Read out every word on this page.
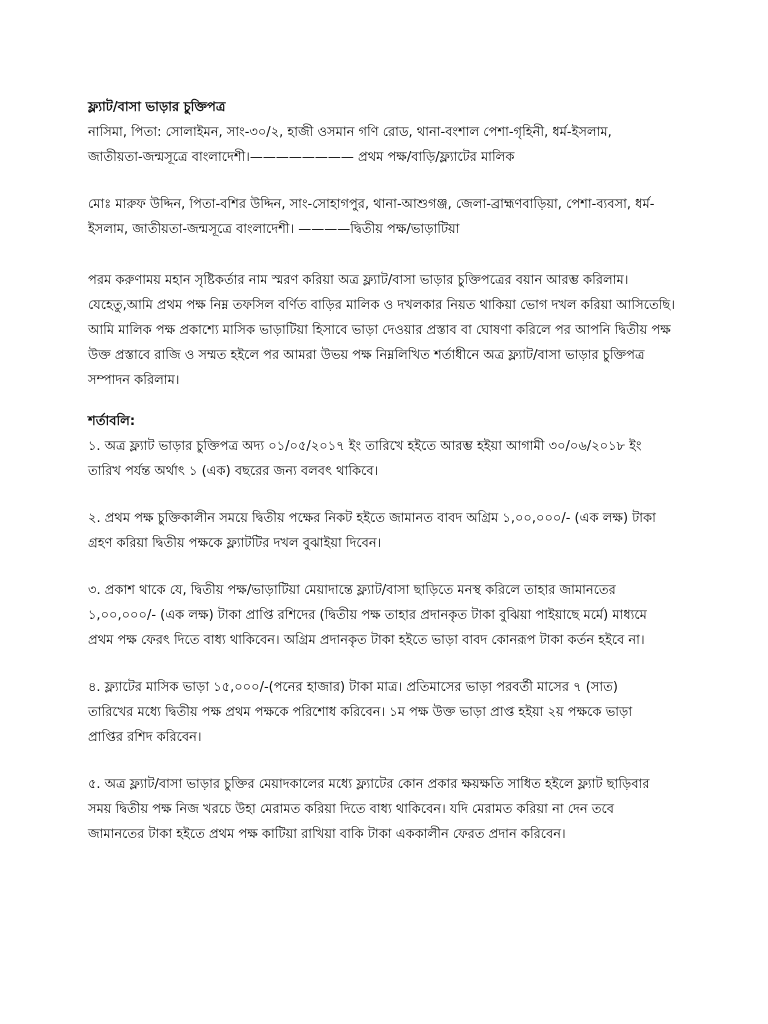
ফ্ল্যাট/বাসা ভাড়ার চুক্তিপত্র

নাসিমা, পিতা: সোলাইমন, সাং-৩০/২, হাজী ওসমান গণি রোড, থানা-বংশাল পেশা-গৃহিনী, ধর্ম-ইসলাম,

জাতীয়তা-জন্মসূত্রে বাংলাদেশী।———————— প্রথম পক্ষ/বাড়ি/ফ্ল্যাটের মালিক

মোঃ মারুফ উদ্দিন, পিতা-বশির উদ্দিন, সাং-সোহাগপুর, থানা-আশুগঞ্জ, জেলা-ব্রাহ্মণবাড়িয়া, পেশা-ব্যবসা, ধর্ম-

ইসলাম, জাতীয়তা-জন্মসূত্রে বাংলাদেশী। ————দ্বিতীয় পক্ষ/ভাড়াটিয়া

পরম করুণাময় মহান সৃষ্টিকর্তার নাম স্মরণ করিয়া অত্র ফ্ল্যাট/বাসা ভাড়ার চুক্তিপত্রের বয়ান আরম্ভ করিলাম।

যেহেতু,আমি প্রথম পক্ষ নিম্ন তফসিল বর্ণিত বাড়ির মালিক ও দখলকার নিয়ত থাকিয়া ভোগ দখল করিয়া আসিতেছি।

আমি মালিক পক্ষ প্রকাশ্যে মাসিক ভাড়াটিয়া হিসাবে ভাড়া দেওয়ার প্রস্তাব বা ঘোষণা করিলে পর আপনি দ্বিতীয় পক্ষ

উক্ত প্রস্তাবে রাজি ও সম্মত হইলে পর আমরা উভয় পক্ষ নিম্নলিখিত শর্তাধীনে অত্র ফ্ল্যাট/বাসা ভাড়ার চুক্তিপত্র

সম্পাদন করিলাম।

শর্তাবলি:

১. অত্র ফ্ল্যাট ভাড়ার চুক্তিপত্র অদ্য ০১/০৫/২০১৭ ইং তারিখে হইতে আরম্ভ হইয়া আগামী ৩০/০৬/২০১৮ ইং

তারিখ পর্যন্ত অর্থাৎ ১ (এক) বছরের জন্য বলবৎ থাকিবে।

২. প্রথম পক্ষ চুক্তিকালীন সময়ে দ্বিতীয় পক্ষের নিকট হইতে জামানত বাবদ অগ্রিম ১,০০,০০০/- (এক লক্ষ) টাকা

গ্রহণ করিয়া দ্বিতীয় পক্ষকে ফ্ল্যাটটির দখল বুঝাইয়া দিবেন।

৩. প্রকাশ থাকে যে, দ্বিতীয় পক্ষ/ভাড়াটিয়া মেয়াদান্তে ফ্ল্যাট/বাসা ছাড়িতে মনস্থ করিলে তাহার জামানতের

১,০০,০০০/- (এক লক্ষ) টাকা প্রাপ্তি রশিদের (দ্বিতীয় পক্ষ তাহার প্রদানকৃত টাকা বুঝিয়া পাইয়াছে মর্মে) মাধ্যমে

প্রথম পক্ষ ফেরৎ দিতে বাধ্য থাকিবেন। অগ্রিম প্রদানকৃত টাকা হইতে ভাড়া বাবদ কোনরূপ টাকা কর্তন হইবে না।

৪. ফ্ল্যাটের মাসিক ভাড়া ১৫,০০০/-(পনের হাজার) টাকা মাত্র। প্রতিমাসের ভাড়া পরবর্তী মাসের ৭ (সাত)

তারিখের মধ্যে দ্বিতীয় পক্ষ প্রথম পক্ষকে পরিশোধ করিবেন। ১ম পক্ষ উক্ত ভাড়া প্রাপ্ত হইয়া ২য় পক্ষকে ভাড়া

প্রাপ্তির রশিদ করিবেন।

৫. অত্র ফ্ল্যাট/বাসা ভাড়ার চুক্তির মেয়াদকালের মধ্যে ফ্ল্যাটের কোন প্রকার ক্ষয়ক্ষতি সাধিত হইলে ফ্ল্যাট ছাড়িবার

সময় দ্বিতীয় পক্ষ নিজ খরচে উহা মেরামত করিয়া দিতে বাধ্য থাকিবেন। যদি মেরামত করিয়া না দেন তবে

জামানতের টাকা হইতে প্রথম পক্ষ কাটিয়া রাখিয়া বাকি টাকা এককালীন ফেরত প্রদান করিবেন।
